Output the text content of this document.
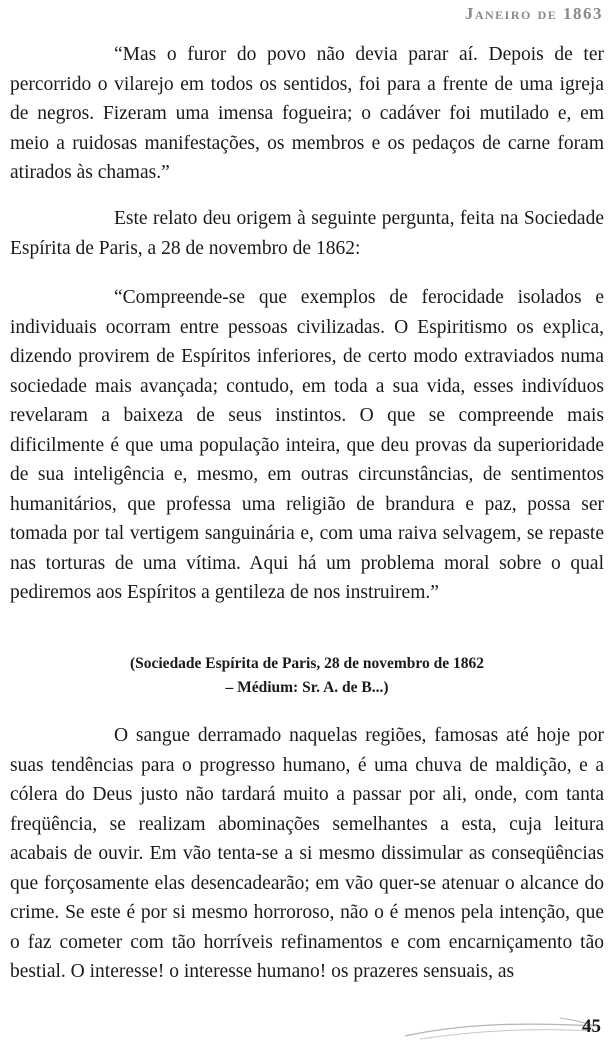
Janeiro de 1863

“Mas o furor do povo não devia parar aí. Depois de ter percorrido o vilarejo em todos os sentidos, foi para a frente de uma igreja de negros. Fizeram uma imensa fogueira; o cadáver foi mutilado e, em meio a ruidosas manifestações, os membros e os pedaços de carne foram atirados às chamas.”

Este relato deu origem à seguinte pergunta, feita na Sociedade Espírita de Paris, a 28 de novembro de 1862:

“Compreende-se que exemplos de ferocidade isolados e individuais ocorram entre pessoas civilizadas. O Espiritismo os explica, dizendo provirem de Espíritos inferiores, de certo modo extraviados numa sociedade mais avançada; contudo, em toda a sua vida, esses indivíduos revelaram a baixeza de seus instintos. O que se compreende mais dificilmente é que uma população inteira, que deu provas da superioridade de sua inteligência e, mesmo, em outras circunstâncias, de sentimentos humanitários, que professa uma religião de brandura e paz, possa ser tomada por tal vertigem sanguinária e, com uma raiva selvagem, se repaste nas torturas de uma vítima. Aqui há um problema moral sobre o qual pediremos aos Espíritos a gentileza de nos instruirem.”

(Sociedade Espírita de Paris, 28 de novembro de 1862
– Médium: Sr. A. de B...)

O sangue derramado naquelas regiões, famosas até hoje por suas tendências para o progresso humano, é uma chuva de maldição, e a cólera do Deus justo não tardará muito a passar por ali, onde, com tanta freqüência, se realizam abominações semelhantes a esta, cuja leitura acabais de ouvir. Em vão tenta-se a si mesmo dissimular as conseqüências que forçosamente elas desencadearão; em vão quer-se atenuar o alcance do crime. Se este é por si mesmo horroroso, não o é menos pela intenção, que o faz cometer com tão horríveis refinamentos e com encarniçamento tão bestial. O interesse! o interesse humano! os prazeres sensuais, as

45
